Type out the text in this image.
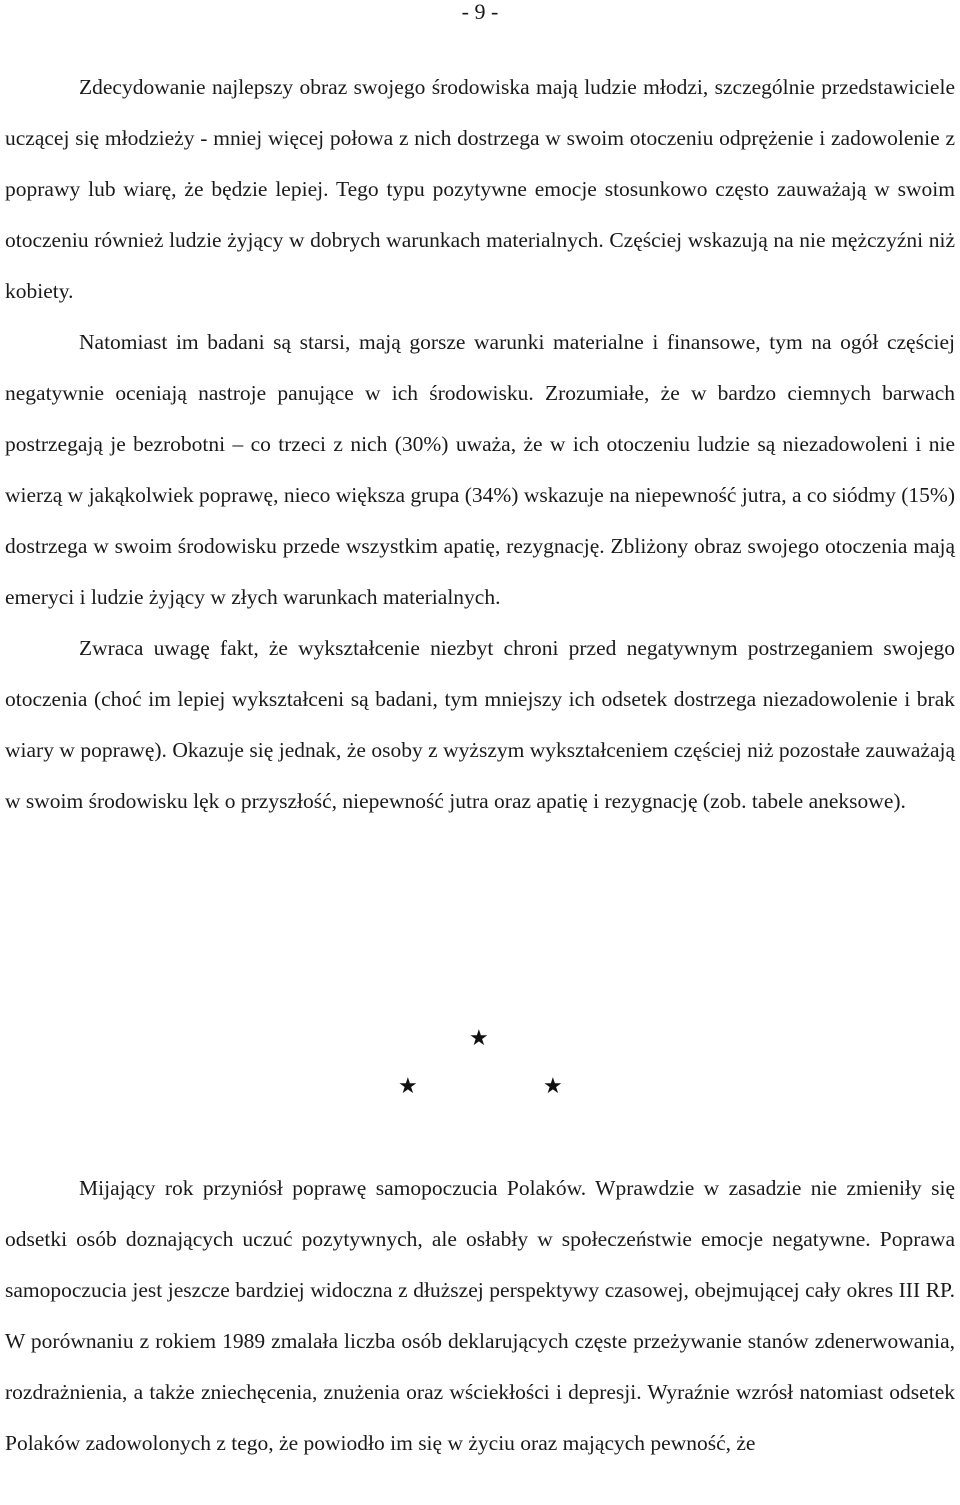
- 9 -

Zdecydowanie najlepszy obraz swojego środowiska mają ludzie młodzi, szczególnie przedstawiciele uczącej się młodzieży - mniej więcej połowa z nich dostrzega w swoim otoczeniu odprężenie i zadowolenie z poprawy lub wiarę, że będzie lepiej. Tego typu pozytywne emocje stosunkowo często zauważają w swoim otoczeniu również ludzie żyjący w dobrych warunkach materialnych. Częściej wskazują na nie mężczyźni niż kobiety.

Natomiast im badani są starsi, mają gorsze warunki materialne i finansowe, tym na ogół częściej negatywnie oceniają nastroje panujące w ich środowisku. Zrozumiałe, że w bardzo ciemnych barwach postrzegają je bezrobotni – co trzeci z nich (30%) uważa, że w ich otoczeniu ludzie są niezadowoleni i nie wierzą w jakąkolwiek poprawę, nieco większa grupa (34%) wskazuje na niepewność jutra, a co siódmy (15%) dostrzega w swoim środowisku przede wszystkim apatię, rezygnację. Zbliżony obraz swojego otoczenia mają emeryci i ludzie żyjący w złych warunkach materialnych.

Zwraca uwagę fakt, że wykształcenie niezbyt chroni przed negatywnym postrzeganiem swojego otoczenia (choć im lepiej wykształceni są badani, tym mniejszy ich odsetek dostrzega niezadowolenie i brak wiary w poprawę). Okazuje się jednak, że osoby z wyższym wykształceniem częściej niż pozostałe zauważają w swoim środowisku lęk o przyszłość, niepewność jutra oraz apatię i rezygnację (zob. tabele aneksowe).

★
★	★

Mijający rok przyniósł poprawę samopoczucia Polaków. Wprawdzie w zasadzie nie zmieniły się odsetki osób doznających uczuć pozytywnych, ale osłabły w społeczeństwie emocje negatywne. Poprawa samopoczucia jest jeszcze bardziej widoczna z dłuższej perspektywy czasowej, obejmującej cały okres III RP. W porównaniu z rokiem 1989 zmalała liczba osób deklarujących częste przeżywanie stanów zdenerwowania, rozdrażnienia, a także zniechęcenia, znużenia oraz wściekłości i depresji. Wyraźnie wzrósł natomiast odsetek Polaków zadowolonych z tego, że powiodło im się w życiu oraz mających pewność, że
